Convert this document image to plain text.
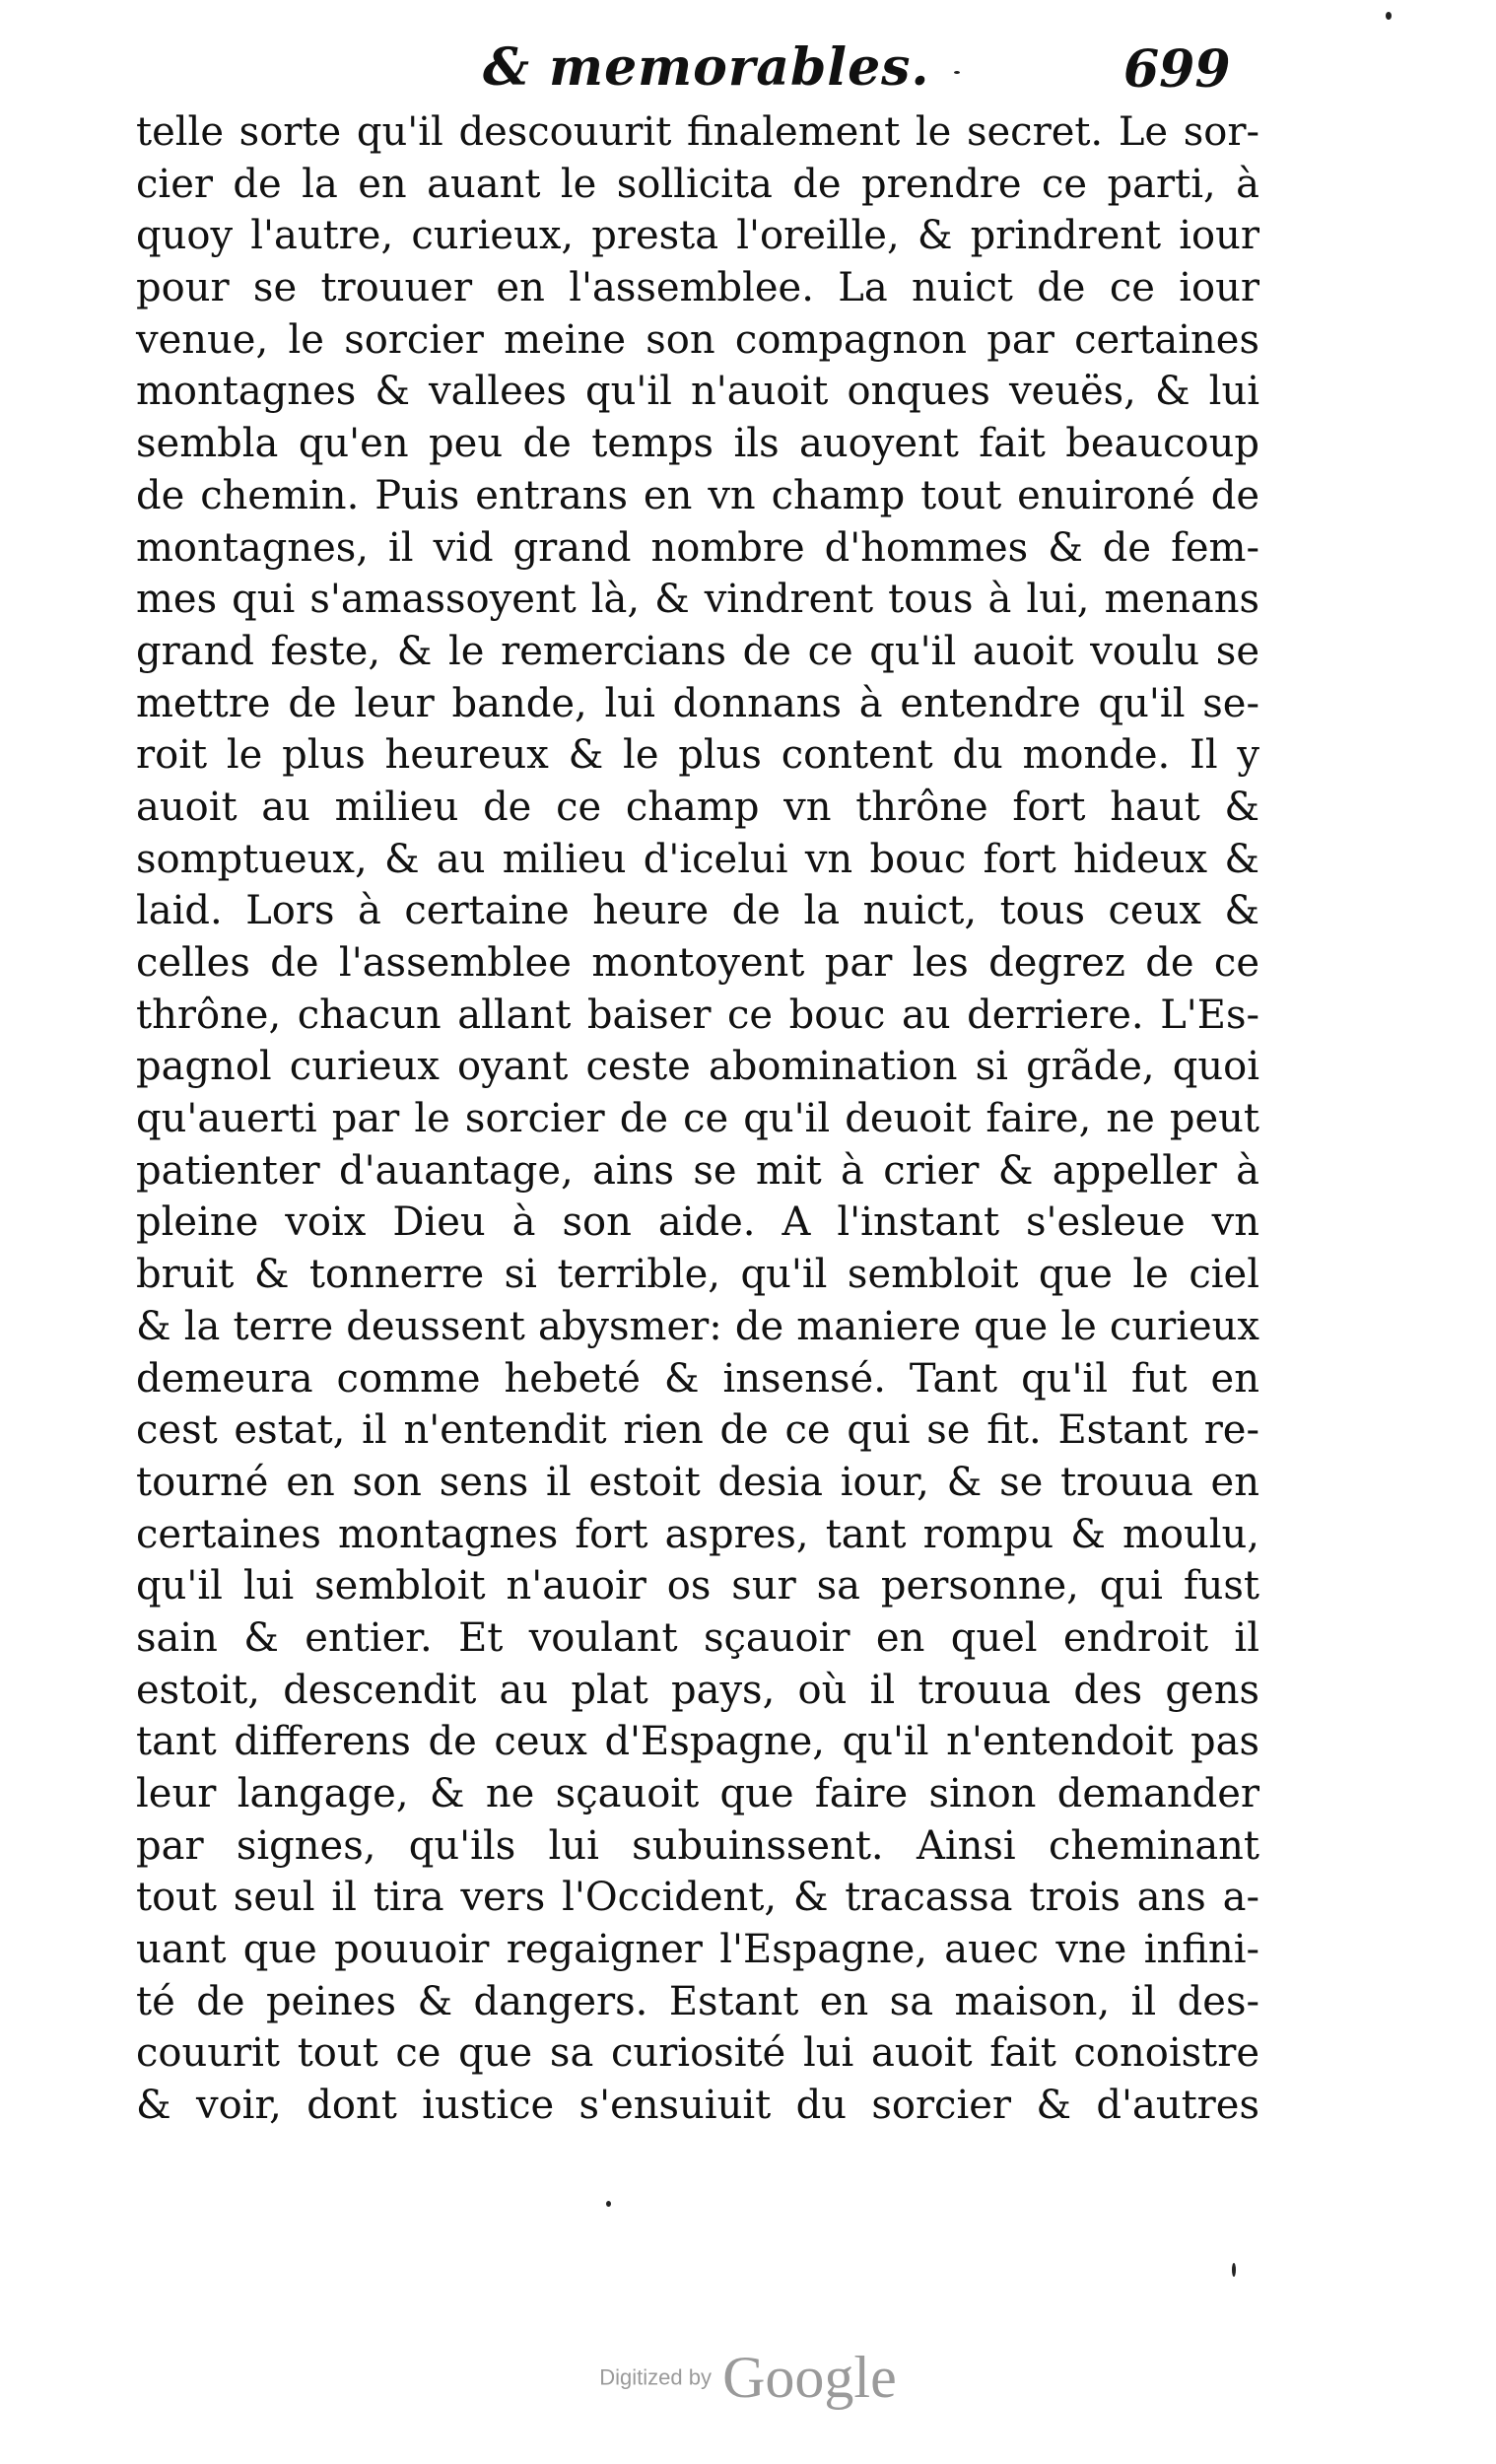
& memorables.	699
telle sorte qu'il descouurit finalement le secret. Le sor-
cier de la en auant le sollicita de prendre ce parti, à
quoy l'autre, curieux, presta l'oreille, & prindrent iour
pour se trouuer en l'assemblee. La nuict de ce iour
venue, le sorcier meine son compagnon par certaines
montagnes & vallees qu'il n'auoit onques veuës, & lui
sembla qu'en peu de temps ils auoyent fait beaucoup
de chemin. Puis entrans en vn champ tout enuironé de
montagnes, il vid grand nombre d'hommes & de fem-
mes qui s'amassoyent là, & vindrent tous à lui, menans
grand feste, & le remercians de ce qu'il auoit voulu se
mettre de leur bande, lui donnans à entendre qu'il se-
roit le plus heureux & le plus content du monde. Il y
auoit au milieu de ce champ vn thrône fort haut &
somptueux, & au milieu d'icelui vn bouc fort hideux &
laid. Lors à certaine heure de la nuict, tous ceux &
celles de l'assemblee montoyent par les degrez de ce
thrône, chacun allant baiser ce bouc au derriere. L'Es-
pagnol curieux oyant ceste abomination si grãde, quoi
qu'auerti par le sorcier de ce qu'il deuoit faire, ne peut
patienter d'auantage, ains se mit à crier & appeller à
pleine voix Dieu à son aide. A l'instant s'esleue vn
bruit & tonnerre si terrible, qu'il sembloit que le ciel
& la terre deussent abysmer: de maniere que le curieux
demeura comme hebeté & insensé. Tant qu'il fut en
cest estat, il n'entendit rien de ce qui se fit. Estant re-
tourné en son sens il estoit desia iour, & se trouua en
certaines montagnes fort aspres, tant rompu & moulu,
qu'il lui sembloit n'auoir os sur sa personne, qui fust
sain & entier. Et voulant sçauoir en quel endroit il
estoit, descendit au plat pays, où il trouua des gens
tant differens de ceux d'Espagne, qu'il n'entendoit pas
leur langage, & ne sçauoit que faire sinon demander
par signes, qu'ils lui subuinssent. Ainsi cheminant
tout seul il tira vers l'Occident, & tracassa trois ans a-
uant que pouuoir regaigner l'Espagne, auec vne infini-
té de peines & dangers. Estant en sa maison, il des-
couurit tout ce que sa curiosité lui auoit fait conoistre
& voir, dont iustice s'ensuiuit du sorcier & d'autres
Digitized by Google
